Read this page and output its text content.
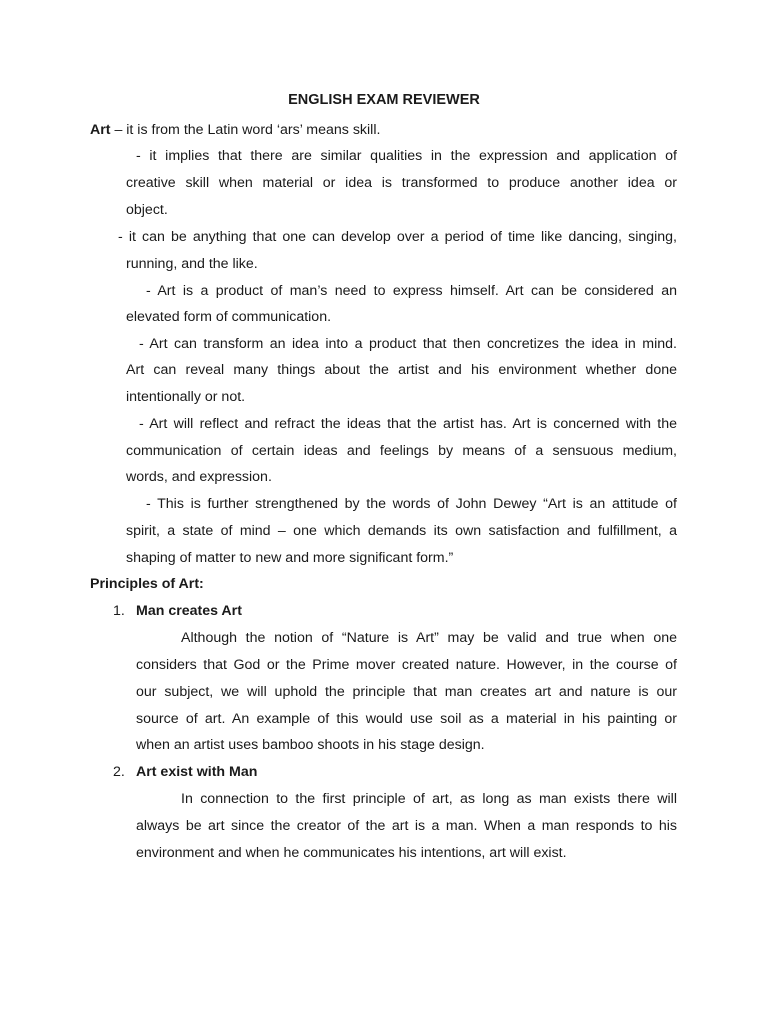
ENGLISH EXAM REVIEWER
Art – it is from the Latin word ‘ars’ means skill.
- it implies that there are similar qualities in the expression and application of
creative skill when material or idea is transformed to produce another idea or
object.
- it can be anything that one can develop over a period of time like dancing, singing,
running, and the like.
- Art is a product of man’s need to express himself. Art can be considered an
elevated form of communication.
- Art can transform an idea into a product that then concretizes the idea in mind.
Art can reveal many things about the artist and his environment whether done
intentionally or not.
- Art will reflect and refract the ideas that the artist has. Art is concerned with the
communication of certain ideas and feelings by means of a sensuous medium,
words, and expression.
- This is further strengthened by the words of John Dewey “Art is an attitude of
spirit, a state of mind – one which demands its own satisfaction and fulfillment, a
shaping of matter to new and more significant form.”
Principles of Art:
1. Man creates Art
Although the notion of “Nature is Art” may be valid and true when one
considers that God or the Prime mover created nature. However, in the course of
our subject, we will uphold the principle that man creates art and nature is our
source of art. An example of this would use soil as a material in his painting or
when an artist uses bamboo shoots in his stage design.
2. Art exist with Man
In connection to the first principle of art, as long as man exists there will
always be art since the creator of the art is a man. When a man responds to his
environment and when he communicates his intentions, art will exist.
